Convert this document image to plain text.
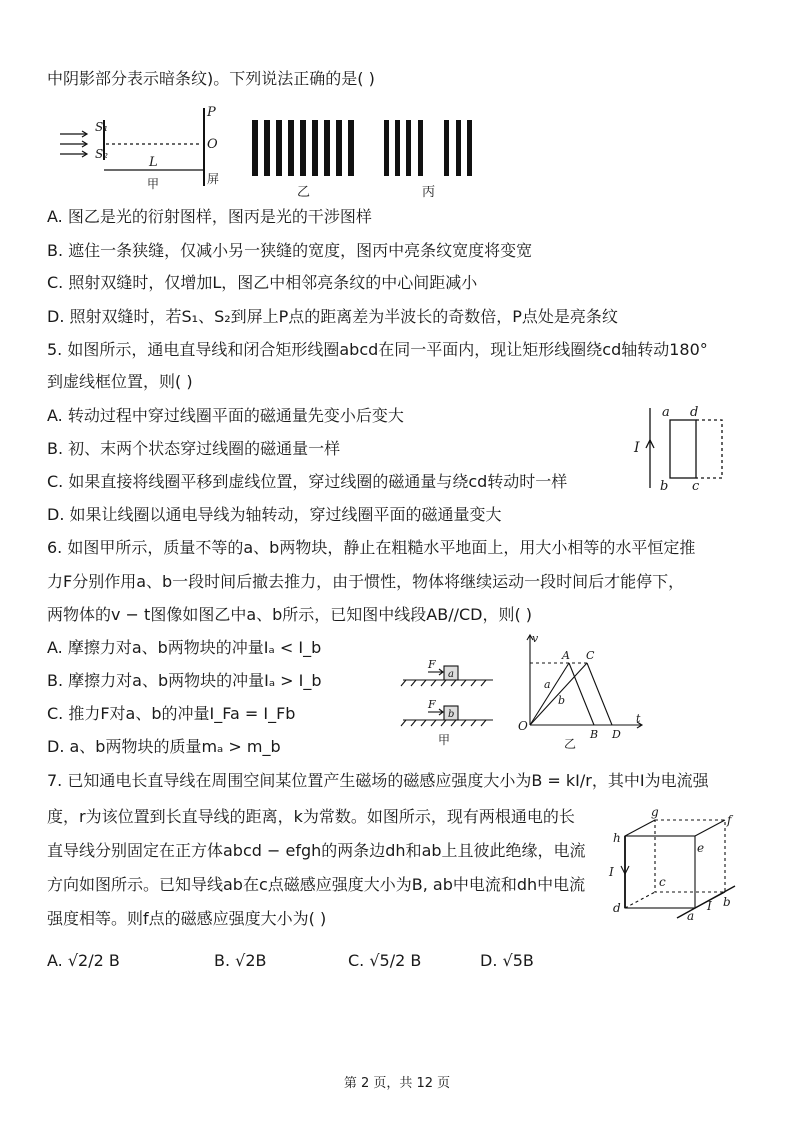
中阴影部分表示暗条纹)。下列说法正确的是( )
S₁
S₂
P
O
L
甲	屏
乙	丙
A. 图乙是光的衍射图样，图丙是光的干涉图样
B. 遮住一条狭缝，仅减小另一狭缝的宽度，图丙中亮条纹宽度将变宽
C. 照射双缝时，仅增加L，图乙中相邻亮条纹的中心间距减小
D. 照射双缝时，若S₁、S₂到屏上P点的距离差为半波长的奇数倍，P点处是亮条纹
5. 如图所示，通电直导线和闭合矩形线圈abcd在同一平面内，现让矩形线圈绕cd轴转动180°
到虚线框位置，则( )
A. 转动过程中穿过线圈平面的磁通量先变小后变大
B. 初、末两个状态穿过线圈的磁通量一样
C. 如果直接将线圈平移到虚线位置，穿过线圈的磁通量与绕cd转动时一样
D. 如果让线圈以通电导线为轴转动，穿过线圈平面的磁通量变大
I
a d
b c
6. 如图甲所示，质量不等的a、b两物块，静止在粗糙水平地面上，用大小相等的水平恒定推
力F分别作用a、b一段时间后撤去推力，由于惯性，物体将继续运动一段时间后才能停下，
两物体的v − t图像如图乙中a、b所示，已知图中线段AB//CD，则( )
A. 摩擦力对a、b两物块的冲量Iₐ < I_b
B. 摩擦力对a、b两物块的冲量Iₐ > I_b
C. 推力F对a、b的冲量I_Fa = I_Fb
D. a、b两物块的质量mₐ > m_b
F
a
F
b
甲
v
t
O
A C
B D
a
b
乙
7. 已知通电长直导线在周围空间某位置产生磁场的磁感应强度大小为B = kI/r，其中I为电流强
度，r为该位置到长直导线的距离，k为常数。如图所示，现有两根通电的长
直导线分别固定在正方体abcd − efgh的两条边dh和ab上且彼此绝缘，电流
方向如图所示。已知导线ab在c点磁感应强度大小为B, ab中电流和dh中电流
强度相等。则f点的磁感应强度大小为( )
h
g
f
e
c
d
a
b
I
I
A. √2/2 B	B. √2B	C. √5/2 B	D. √5B
第 2 页，共 12 页
